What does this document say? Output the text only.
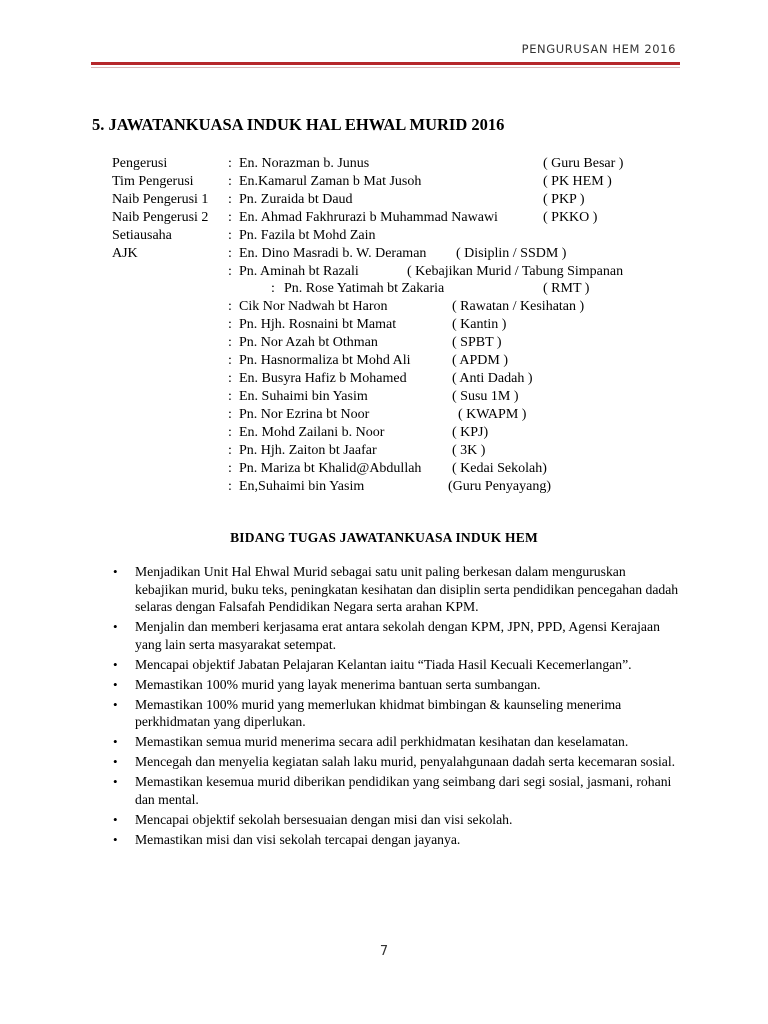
PENGURUSAN HEM 2016
5. JAWATANKUASA INDUK HAL EHWAL MURID 2016
Pengerusi	: En. Norazman b. Junus	( Guru Besar )
Tim Pengerusi : En.Kamarul Zaman b Mat Jusoh	( PK HEM )
Naib Pengerusi 1 : Pn. Zuraida bt Daud	( PKP )
Naib Pengerusi 2 : En. Ahmad Fakhrurazi b Muhammad Nawawi	( PKKO )
Setiausaha	: Pn. Fazila bt Mohd Zain
AJK	: En. Dino Masradi b. W. Deraman ( Disiplin / SSDM )
: Pn. Aminah bt Razali	( Kebajikan Murid / Tabung Simpanan
: Pn. Rose Yatimah bt Zakaria	( RMT )
: Cik Nor Nadwah bt Haron	( Rawatan / Kesihatan )
: Pn. Hjh. Rosnaini bt Mamat	( Kantin )
: Pn. Nor Azah bt Othman	( SPBT )
: Pn. Hasnormaliza bt Mohd Ali	( APDM )
: En. Busyra Hafiz b Mohamed	( Anti Dadah )
: En. Suhaimi bin Yasim	( Susu 1M )
: Pn. Nor Ezrina bt Noor	( KWAPM )
: En. Mohd Zailani b. Noor	( KPJ)
: Pn. Hjh. Zaiton bt Jaafar	( 3K )
: Pn. Mariza bt Khalid@Abdullah ( Kedai Sekolah)
: En,Suhaimi bin Yasim	(Guru Penyayang)
BIDANG TUGAS JAWATANKUASA INDUK HEM
• Menjadikan Unit Hal Ehwal Murid sebagai satu unit paling berkesan dalam menguruskan kebajikan murid, buku teks, peningkatan kesihatan dan disiplin serta pendidikan pencegahan dadah selaras dengan Falsafah Pendidikan Negara serta arahan KPM.
• Menjalin dan memberi kerjasama erat antara sekolah dengan KPM, JPN, PPD, Agensi Kerajaan yang lain serta masyarakat setempat.
• Mencapai objektif Jabatan Pelajaran Kelantan iaitu “Tiada Hasil Kecuali Kecemerlangan”.
• Memastikan 100% murid yang layak menerima bantuan serta sumbangan.
• Memastikan 100% murid yang memerlukan khidmat bimbingan & kaunseling menerima perkhidmatan yang diperlukan.
• Memastikan semua murid menerima secara adil perkhidmatan kesihatan dan keselamatan.
• Mencegah dan menyelia kegiatan salah laku murid, penyalahgunaan dadah serta kecemaran sosial.
• Memastikan kesemua murid diberikan pendidikan yang seimbang dari segi sosial, jasmani, rohani dan mental.
• Mencapai objektif sekolah bersesuaian dengan misi dan visi sekolah.
• Memastikan misi dan visi sekolah tercapai dengan jayanya.
7
